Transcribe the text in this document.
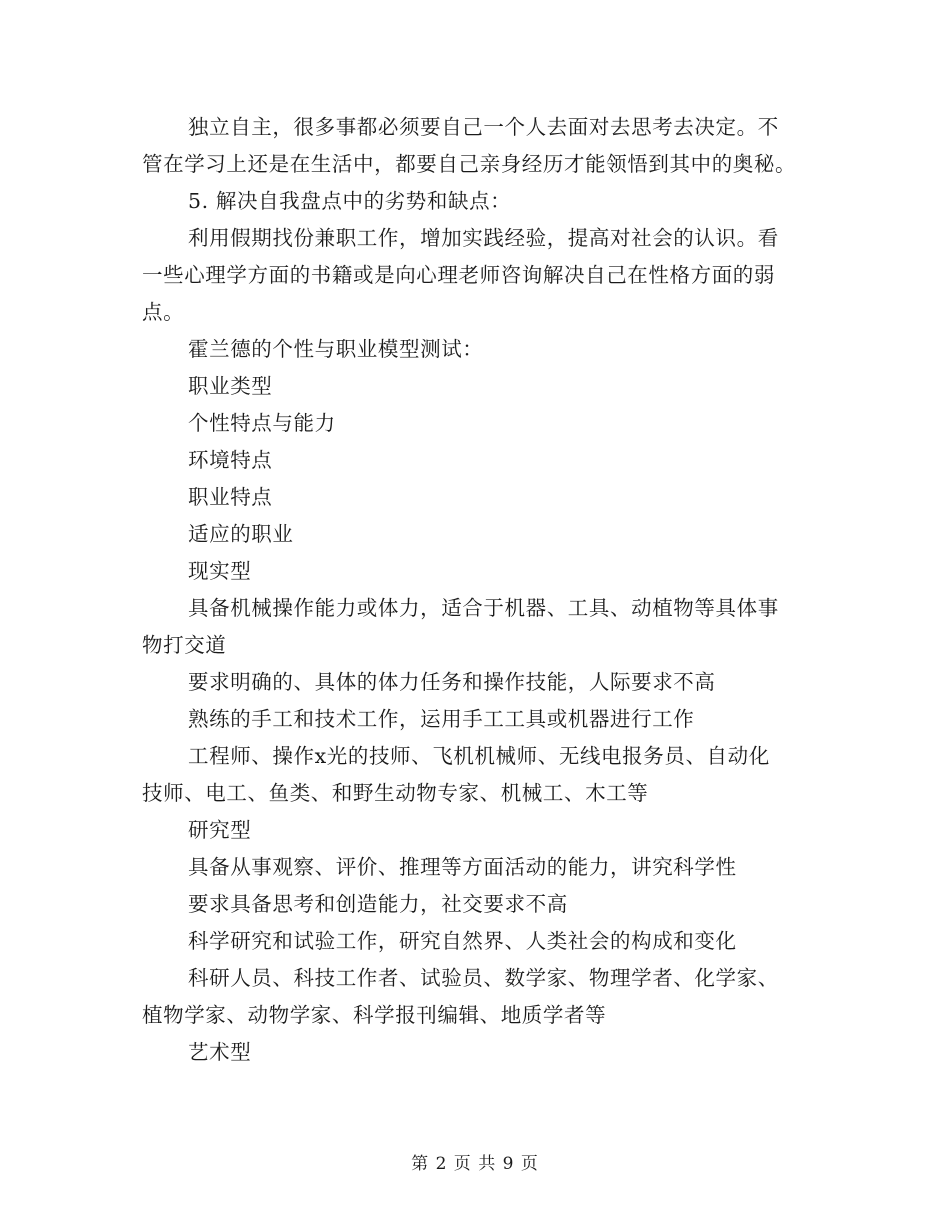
独立自主，很多事都必须要自己一个人去面对去思考去决定。不
管在学习上还是在生活中，都要自己亲身经历才能领悟到其中的奥秘。
5. 解决自我盘点中的劣势和缺点：
利用假期找份兼职工作，增加实践经验，提高对社会的认识。看
一些心理学方面的书籍或是向心理老师咨询解决自己在性格方面的弱
点。
霍兰德的个性与职业模型测试：
职业类型
个性特点与能力
环境特点
职业特点
适应的职业
现实型
具备机械操作能力或体力，适合于机器、工具、动植物等具体事
物打交道
要求明确的、具体的体力任务和操作技能，人际要求不高
熟练的手工和技术工作，运用手工工具或机器进行工作
工程师、操作x光的技师、飞机机械师、无线电报务员、自动化
技师、电工、鱼类、和野生动物专家、机械工、木工等
研究型
具备从事观察、评价、推理等方面活动的能力，讲究科学性
要求具备思考和创造能力，社交要求不高
科学研究和试验工作，研究自然界、人类社会的构成和变化
科研人员、科技工作者、试验员、数学家、物理学者、化学家、
植物学家、动物学家、科学报刊编辑、地质学者等
艺术型
第 2 页 共 9 页
